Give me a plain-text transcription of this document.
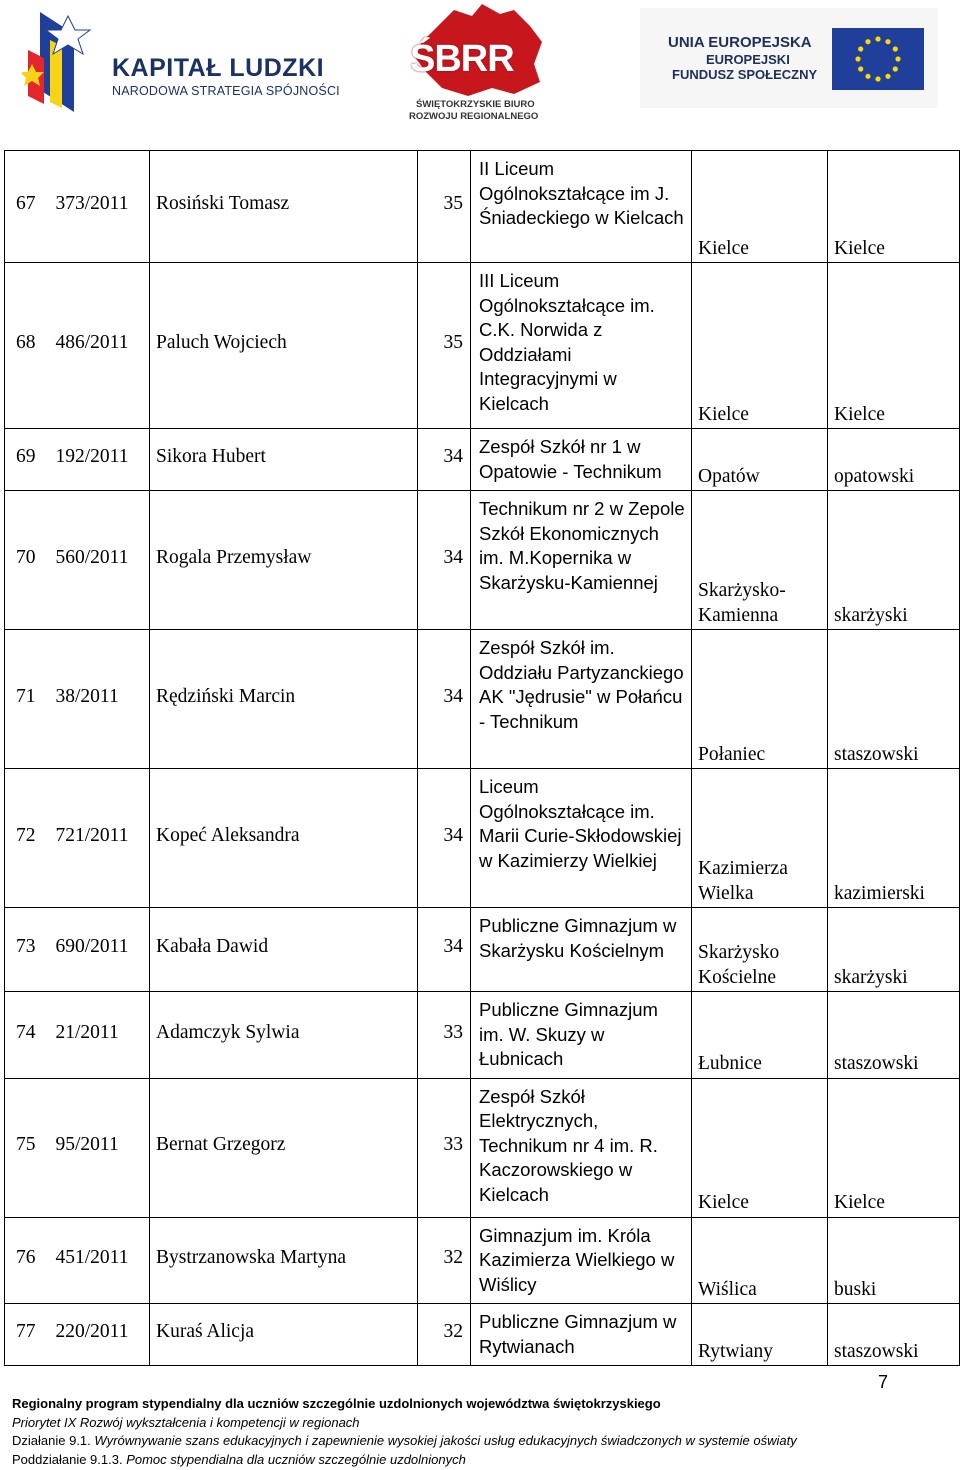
KAPITAŁ LUDZKI
NARODOWA STRATEGIA SPÓJNOŚCI
ŚBRR
ŚWIĘTOKRZYSKIE BIURO
ROZWOJU REGIONALNEGO
UNIA EUROPEJSKA
EUROPEJSKI
FUNDUSZ SPOŁECZNY
67	373/2011	Rosiński Tomasz	35	II Liceum Ogólnokształcące im J. Śniadeckiego w Kielcach	Kielce	Kielce
68	486/2011	Paluch Wojciech	35	III Liceum Ogólnokształcące im. C.K. Norwida z Oddziałami Integracyjnymi w Kielcach	Kielce	Kielce
69	192/2011	Sikora Hubert	34	Zespół Szkół nr 1 w Opatowie - Technikum	Opatów	opatowski
70	560/2011	Rogala Przemysław	34	Technikum nr 2 w Zepole Szkół Ekonomicznych im. M.Kopernika w Skarżysku-Kamiennej	Skarżysko-Kamienna	skarżyski
71	38/2011	Rędziński Marcin	34	Zespół Szkół im. Oddziału Partyzanckiego AK "Jędrusie" w Połańcu - Technikum	Połaniec	staszowski
72	721/2011	Kopeć Aleksandra	34	Liceum Ogólnokształcące im. Marii Curie-Skłodowskiej w Kazimierzy Wielkiej	Kazimierza Wielka	kazimierski
73	690/2011	Kabała Dawid	34	Publiczne Gimnazjum w Skarżysku Kościelnym	Skarżysko Kościelne	skarżyski
74	21/2011	Adamczyk Sylwia	33	Publiczne Gimnazjum im. W. Skuzy w Łubnicach	Łubnice	staszowski
75	95/2011	Bernat Grzegorz	33	Zespół Szkół Elektrycznych, Technikum nr 4 im. R. Kaczorowskiego w Kielcach	Kielce	Kielce
76	451/2011	Bystrzanowska Martyna	32	Gimnazjum im. Króla Kazimierza Wielkiego w Wiślicy	Wiślica	buski
77	220/2011	Kuraś Alicja	32	Publiczne Gimnazjum w Rytwianach	Rytwiany	staszowski
7
Regionalny program stypendialny dla uczniów szczególnie uzdolnionych województwa świętokrzyskiego
Priorytet IX Rozwój wykształcenia i kompetencji w regionach
Działanie 9.1. Wyrównywanie szans edukacyjnych i zapewnienie wysokiej jakości usług edukacyjnych świadczonych w systemie oświaty
Poddziałanie 9.1.3. Pomoc stypendialna dla uczniów szczególnie uzdolnionych
